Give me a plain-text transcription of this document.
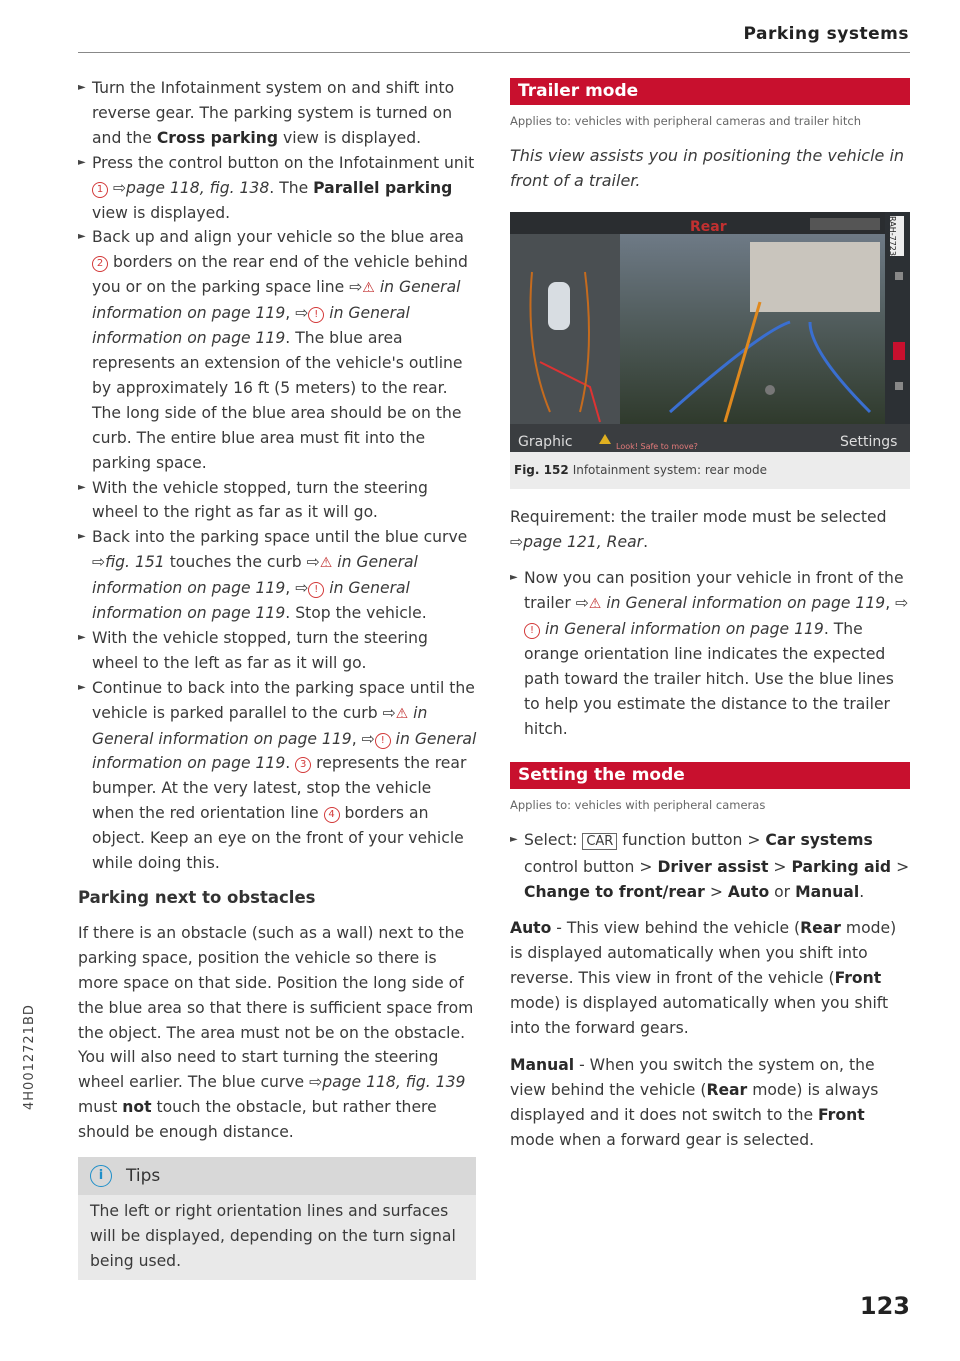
Parking systems

► Turn the Infotainment system on and shift into reverse gear. The parking system is turned on and the Cross parking view is displayed.

► Press the control button on the Infotainment unit 1 ⇨page 118, fig. 138. The Parallel parking view is displayed.

► Back up and align your vehicle so the blue area 2 borders on the rear end of the vehicle behind you or on the parking space line ⇨⚠ in General information on page 119, ⇨ ! in General information on page 119. The blue area represents an extension of the vehicle's outline by approximately 16 ft (5 meters) to the rear. The long side of the blue area should be on the curb. The entire blue area must fit into the parking space.

► With the vehicle stopped, turn the steering wheel to the right as far as it will go.

► Back into the parking space until the blue curve ⇨fig. 151 touches the curb ⇨⚠ in General information on page 119, ⇨ ! in General information on page 119. Stop the vehicle.

► With the vehicle stopped, turn the steering wheel to the left as far as it will go.

► Continue to back into the parking space until the vehicle is parked parallel to the curb ⇨⚠ in General information on page 119, ⇨ ! in General information on page 119. 3 represents the rear bumper. At the very latest, stop the vehicle when the red orientation line 4 borders an object. Keep an eye on the front of your vehicle while doing this.

Parking next to obstacles

If there is an obstacle (such as a wall) next to the parking space, position the vehicle so there is more space on that side. Position the long side of the blue area so that there is sufficient space from the object. The area must not be on the obstacle. You will also need to start turning the steering wheel earlier. The blue curve ⇨page 118, fig. 139 must not touch the obstacle, but rather there should be enough distance.

i	Tips
The left or right orientation lines and surfaces will be displayed, depending on the turn signal being used.
Trailer mode
Applies to: vehicles with peripheral cameras and trailer hitch
This view assists you in positioning the vehicle in front of a trailer.
Rear	RAH-7723
Graphic	Look! Safe to move?	Settings
Fig. 152 Infotainment system: rear mode

Requirement: the trailer mode must be selected ⇨page 121, Rear.

► Now you can position your vehicle in front of the trailer ⇨⚠ in General information on page 119, ⇨! in General information on page 119. The orange orientation line indicates the expected path toward the trailer hitch. Use the blue lines to help you estimate the distance to the trailer hitch.

Setting the mode
Applies to: vehicles with peripheral cameras

► Select: CAR function button > Car systems control button > Driver assist > Parking aid > Change to front/rear > Auto or Manual.

Auto - This view behind the vehicle (Rear mode) is displayed automatically when you shift into reverse. This view in front of the vehicle (Front mode) is displayed automatically when you shift into the forward gears.

Manual - When you switch the system on, the view behind the vehicle (Rear mode) is always displayed and it does not switch to the Front mode when a forward gear is selected.

4H0012721BD
123
